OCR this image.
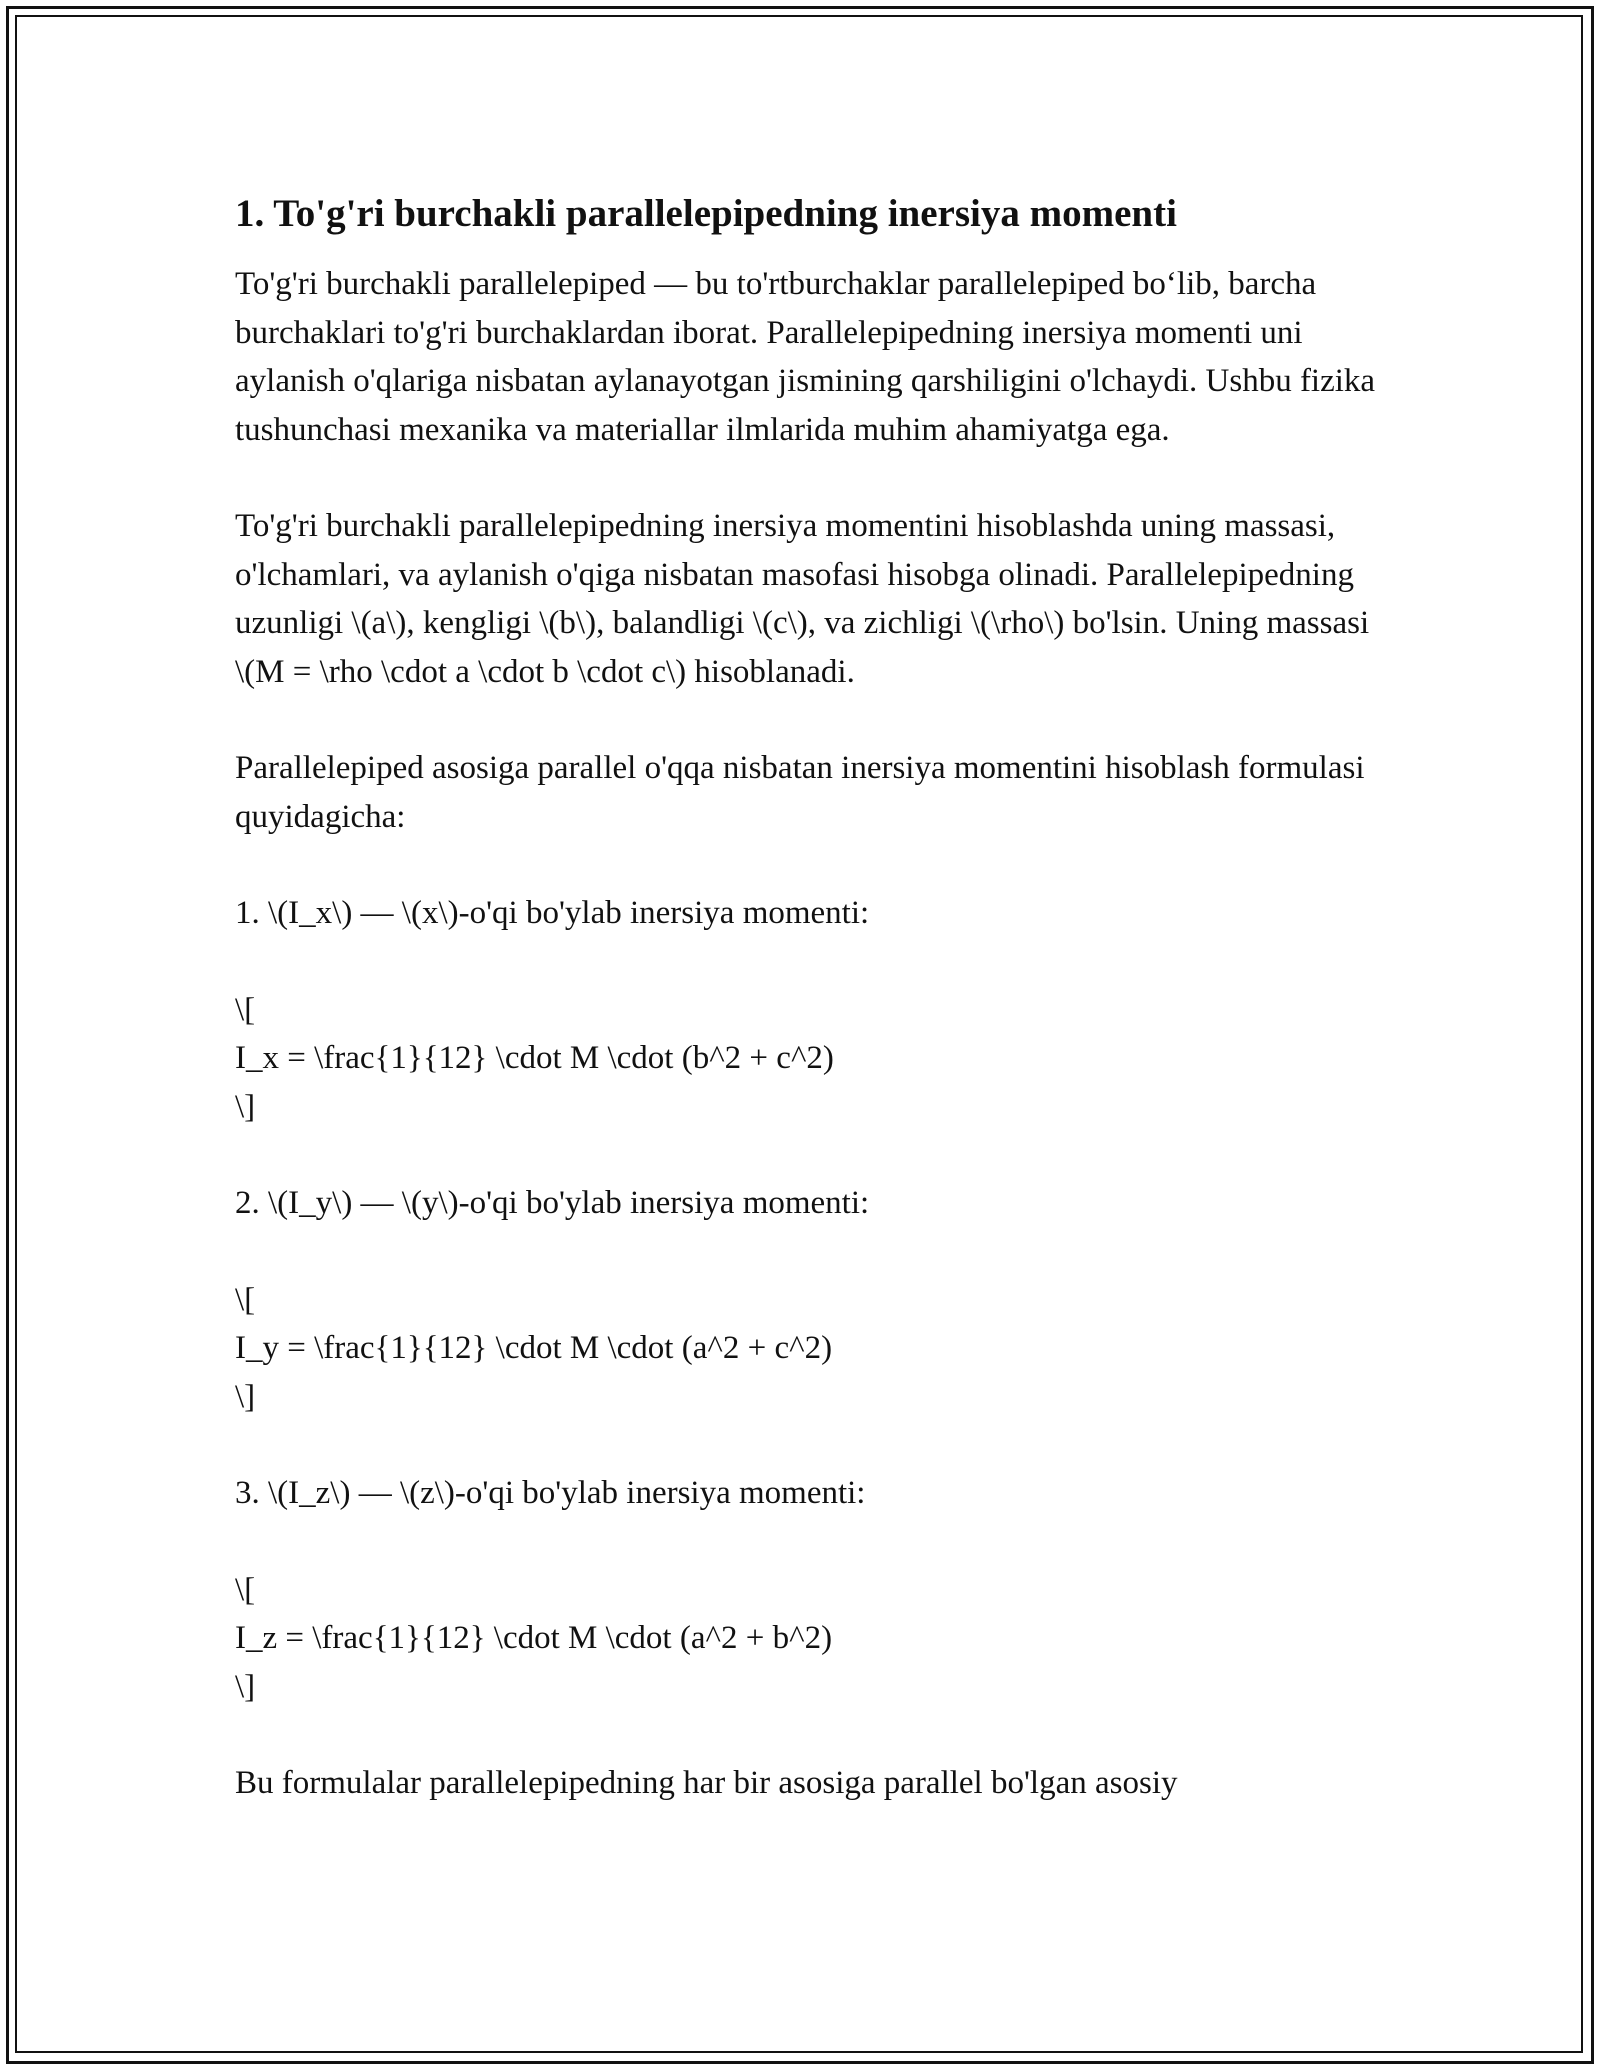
1. To'g'ri burchakli parallelepipedning inersiya momenti

To'g'ri burchakli parallelepiped — bu to'rtburchaklar parallelepiped bo‘lib, barcha burchaklari to'g'ri burchaklardan iborat. Parallelepipedning inersiya momenti uni aylanish o'qlariga nisbatan aylanayotgan jismining qarshiligini o'lchaydi. Ushbu fizika tushunchasi mexanika va materiallar ilmlarida muhim ahamiyatga ega.

To'g'ri burchakli parallelepipedning inersiya momentini hisoblashda uning massasi, o'lchamlari, va aylanish o'qiga nisbatan masofasi hisobga olinadi. Parallelepipedning uzunligi \(a\), kengligi \(b\), balandligi \(c\), va zichligi \(\rho\) bo'lsin. Uning massasi \(M = \rho \cdot a \cdot b \cdot c\) hisoblanadi.

Parallelepiped asosiga parallel o'qqa nisbatan inersiya momentini hisoblash formulasi quyidagicha:

1. \(I_x\) — \(x\)-o'qi bo'ylab inersiya momenti:

\[

I_x = \frac{1}{12} \cdot M \cdot (b^2 + c^2)

\]

2. \(I_y\) — \(y\)-o'qi bo'ylab inersiya momenti:

\[

I_y = \frac{1}{12} \cdot M \cdot (a^2 + c^2)

\]

3. \(I_z\) — \(z\)-o'qi bo'ylab inersiya momenti:

\[

I_z = \frac{1}{12} \cdot M \cdot (a^2 + b^2)

\]

Bu formulalar parallelepipedning har bir asosiga parallel bo'lgan asosiy
